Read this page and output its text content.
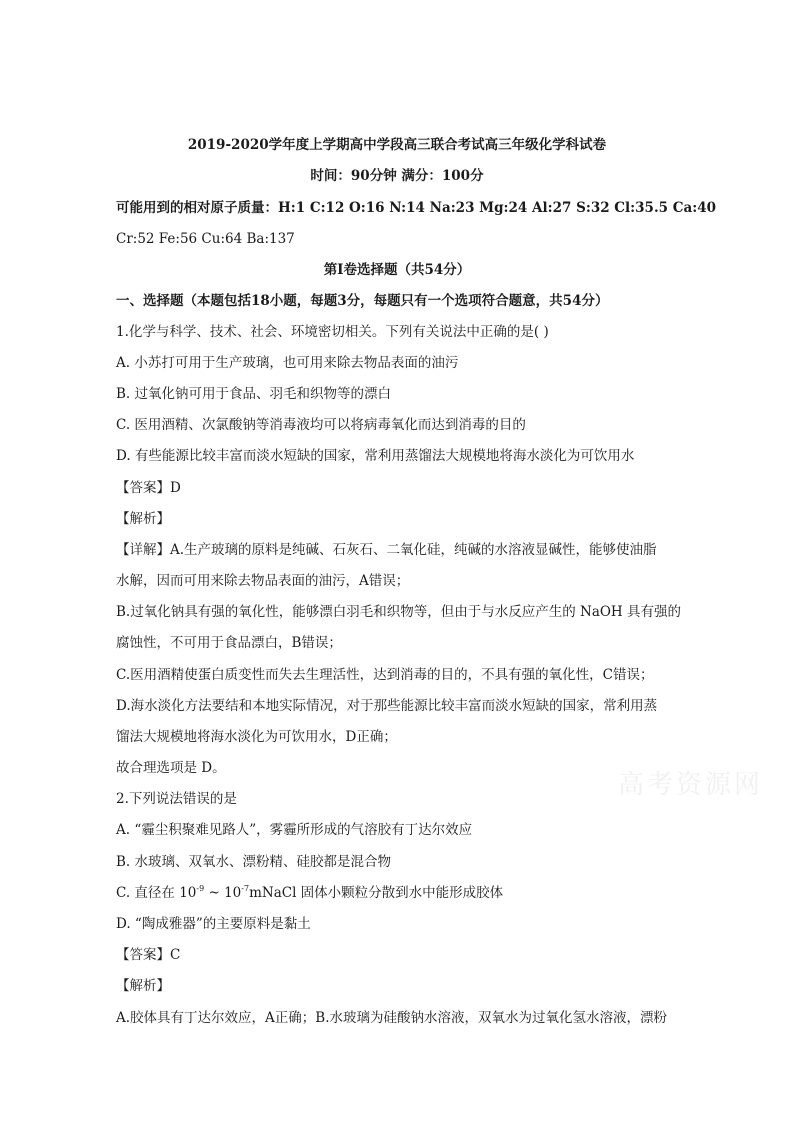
2019-2020学年度上学期高中学段高三联合考试高三年级化学科试卷
时间：90分钟 满分：100分
可能用到的相对原子质量：H:1 C:12 O:16 N:14 Na:23 Mg:24 Al:27 S:32 Cl:35.5 Ca:40
Cr:52 Fe:56 Cu:64 Ba:137
第Ⅰ卷选择题（共54分）
一、选择题（本题包括18小题，每题3分，每题只有一个选项符合题意，共54分）
1.化学与科学、技术、社会、环境密切相关。下列有关说法中正确的是( )
A. 小苏打可用于生产玻璃，也可用来除去物品表面的油污
B. 过氧化钠可用于食品、羽毛和织物等的漂白
C. 医用酒精、次氯酸钠等消毒液均可以将病毒氧化而达到消毒的目的
D. 有些能源比较丰富而淡水短缺的国家，常利用蒸馏法大规模地将海水淡化为可饮用水
【答案】D
【解析】
【详解】A.生产玻璃的原料是纯碱、石灰石、二氧化硅，纯碱的水溶液显碱性，能够使油脂
水解，因而可用来除去物品表面的油污，A错误；
B.过氧化钠具有强的氧化性，能够漂白羽毛和织物等，但由于与水反应产生的 NaOH 具有强的
腐蚀性，不可用于食品漂白，B错误；
C.医用酒精使蛋白质变性而失去生理活性，达到消毒的目的，不具有强的氧化性，C错误；
D.海水淡化方法要结和本地实际情况，对于那些能源比较丰富而淡水短缺的国家，常利用蒸
馏法大规模地将海水淡化为可饮用水，D正确；
故合理选项是 D。
2.下列说法错误的是
A. “霾尘积聚难见路人”，雾霾所形成的气溶胶有丁达尔效应
B. 水玻璃、双氧水、漂粉精、硅胶都是混合物
C. 直径在 $10^{-9}$ ~ $10^{-7}mNaCl$ 固体小颗粒分散到水中能形成胶体
D. “陶成雅器”的主要原料是黏土
【答案】C
【解析】
A.胶体具有丁达尔效应，A正确；B.水玻璃为硅酸钠水溶液，双氧水为过氧化氢水溶液，漂粉
高考资源网
